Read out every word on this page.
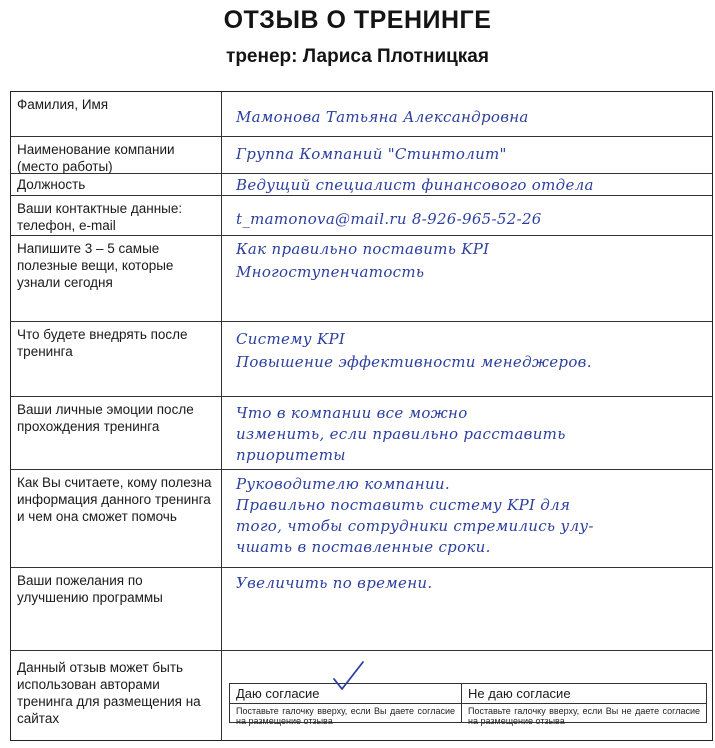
ОТЗЫВ О ТРЕНИНГЕ
тренер: Лариса Плотницкая
Фамилия, Имя
Мамонова Татьяна Александровна
Наименование компании (место работы)
Группа Компаний "Стинтолит"
Должность	Ведущий специалист финансового отдела
Ваши контактные данные: телефон, e-mail	t_mamonova@mail.ru 8-926-965-52-26
Напишите 3 – 5 самые полезные вещи, которые узнали сегодня
Как правильно поставить KPI
Многоступенчатость
Что будете внедрять после тренинга
Систему KPI
Повышение эффективности менеджеров.
Ваши личные эмоции после прохождения тренинга
Что в компании все можно
изменить, если правильно расставить
приоритеты
Как Вы считаете, кому полезна информация данного тренинга и чем она сможет помочь
Руководителю компании.
Правильно поставить систему KPI для
того, чтобы сотрудники стремились улу-
чшать в поставленные сроки.
Ваши пожелания по улучшению программы
Увеличить по времени.
Данный отзыв может быть использован авторами тренинга для размещения на сайтах
Даю согласие
Поставьте галочку вверху, если Вы даете согласие на размещение отзыва
Не даю согласие
Поставьте галочку вверху, если Вы не даете согласие на размещение отзыва
